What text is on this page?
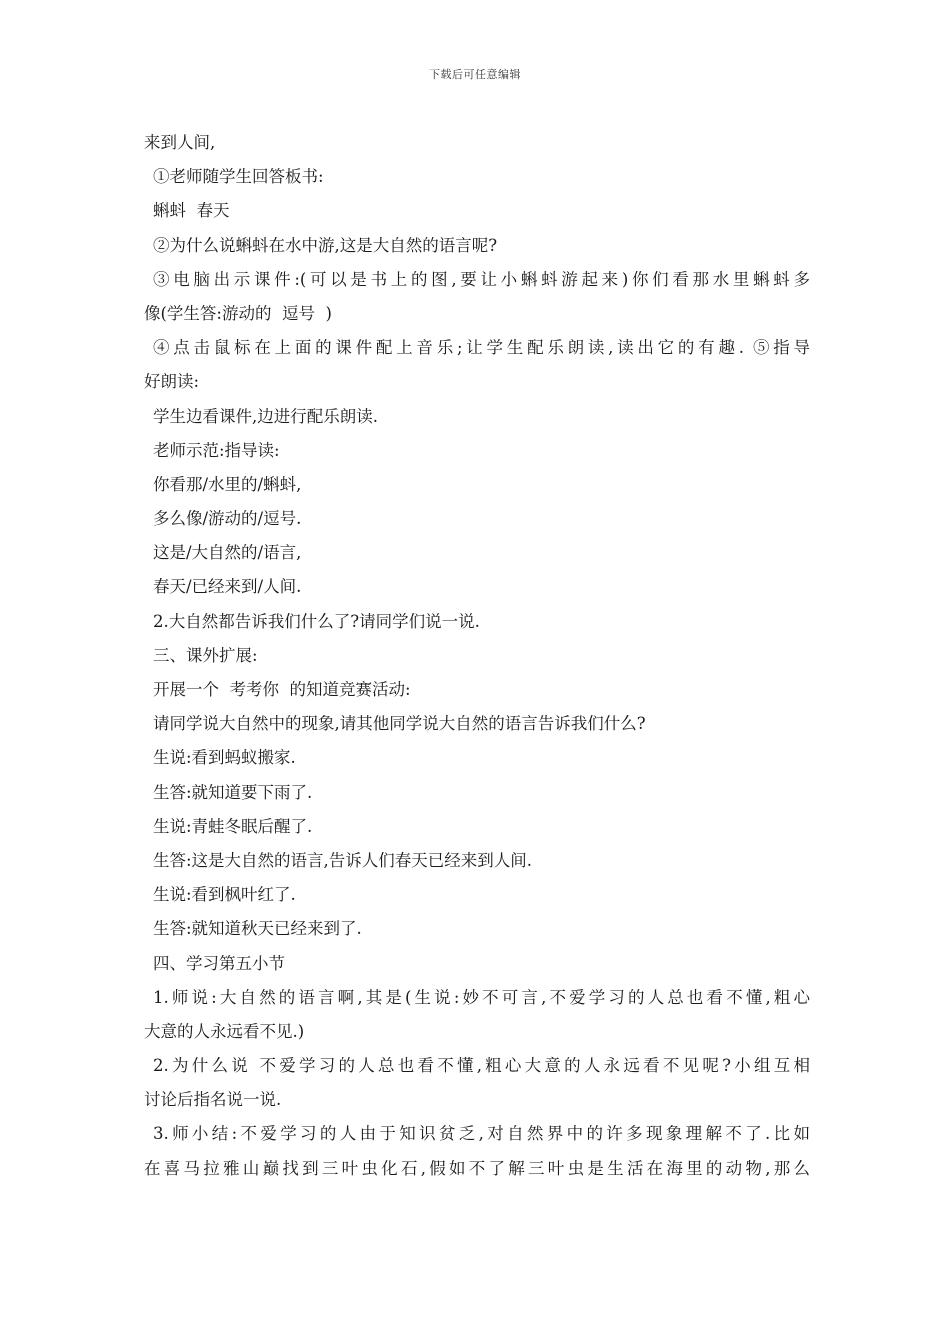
下载后可任意编辑
来到人间,
①老师随学生回答板书:
蝌蚪  春天
②为什么说蝌蚪在水中游,这是大自然的语言呢?
③电脑出示课件:(可以是书上的图,要让小蝌蚪游起来)你们看那水里蝌蚪多
像(学生答:游动的  逗号  )
④点击鼠标在上面的课件配上音乐;让学生配乐朗读,读出它的有趣. ⑤指导
好朗读:
学生边看课件,边进行配乐朗读.
老师示范:指导读:
你看那/水里的/蝌蚪,
多么像/游动的/逗号.
这是/大自然的/语言,
春天/已经来到/人间.
2.大自然都告诉我们什么了?请同学们说一说.
三、课外扩展:
开展一个  考考你  的知道竞赛活动:
请同学说大自然中的现象,请其他同学说大自然的语言告诉我们什么?
生说:看到蚂蚁搬家.
生答:就知道要下雨了.
生说:青蛙冬眠后醒了.
生答:这是大自然的语言,告诉人们春天已经来到人间.
生说:看到枫叶红了.
生答:就知道秋天已经来到了.
四、学习第五小节
1.师说:大自然的语言啊,其是(生说:妙不可言,不爱学习的人总也看不懂,粗心
大意的人永远看不见.)
2.为什么说 不爱学习的人总也看不懂,粗心大意的人永远看不见呢?小组互相
讨论后指名说一说.
3.师小结:不爱学习的人由于知识贫乏,对自然界中的许多现象理解不了.比如
在喜马拉雅山巅找到三叶虫化石,假如不了解三叶虫是生活在海里的动物,那么
